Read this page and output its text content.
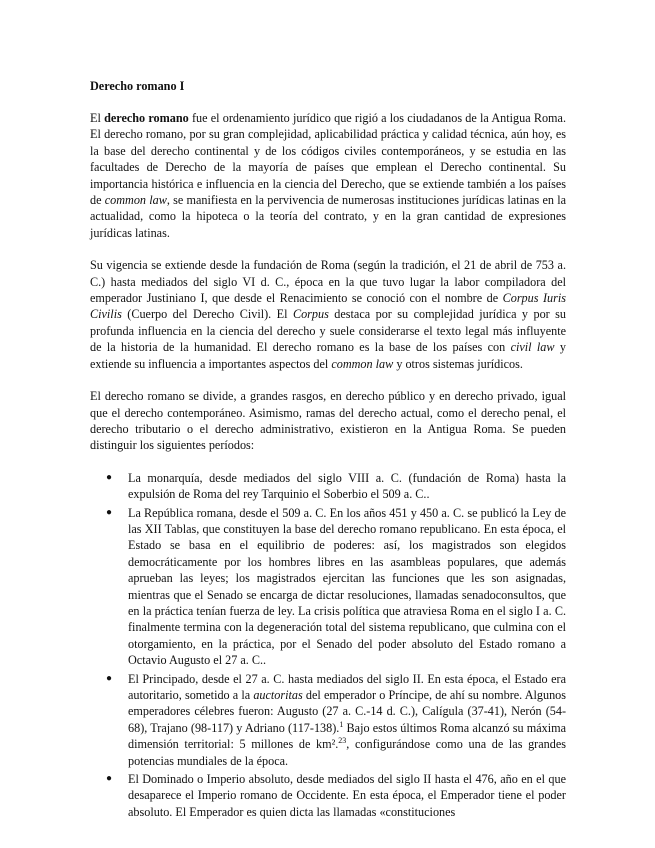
Derecho romano I

El derecho romano fue el ordenamiento jurídico que rigió a los ciudadanos de la Antigua Roma. El derecho romano, por su gran complejidad, aplicabilidad práctica y calidad técnica, aún hoy, es la base del derecho continental y de los códigos civiles contemporáneos, y se estudia en las facultades de Derecho de la mayoría de países que emplean el Derecho continental. Su importancia histórica e influencia en la ciencia del Derecho, que se extiende también a los países de common law, se manifiesta en la pervivencia de numerosas instituciones jurídicas latinas en la actualidad, como la hipoteca o la teoría del contrato, y en la gran cantidad de expresiones jurídicas latinas.

Su vigencia se extiende desde la fundación de Roma (según la tradición, el 21 de abril de 753 a. C.) hasta mediados del siglo VI d. C., época en la que tuvo lugar la labor compiladora del emperador Justiniano I, que desde el Renacimiento se conoció con el nombre de Corpus Iuris Civilis (Cuerpo del Derecho Civil). El Corpus destaca por su complejidad jurídica y por su profunda influencia en la ciencia del derecho y suele considerarse el texto legal más influyente de la historia de la humanidad. El derecho romano es la base de los países con civil law y extiende su influencia a importantes aspectos del common law y otros sistemas jurídicos.

El derecho romano se divide, a grandes rasgos, en derecho público y en derecho privado, igual que el derecho contemporáneo. Asimismo, ramas del derecho actual, como el derecho penal, el derecho tributario o el derecho administrativo, existieron en la Antigua Roma. Se pueden distinguir los siguientes períodos:

● La monarquía, desde mediados del siglo VIII a. C. (fundación de Roma) hasta la expulsión de Roma del rey Tarquinio el Soberbio el 509 a. C..
● La República romana, desde el 509 a. C. En los años 451 y 450 a. C. se publicó la Ley de las XII Tablas, que constituyen la base del derecho romano republicano. En esta época, el Estado se basa en el equilibrio de poderes: así, los magistrados son elegidos democráticamente por los hombres libres en las asambleas populares, que además aprueban las leyes; los magistrados ejercitan las funciones que les son asignadas, mientras que el Senado se encarga de dictar resoluciones, llamadas senadoconsultos, que en la práctica tenían fuerza de ley. La crisis política que atraviesa Roma en el siglo I a. C. finalmente termina con la degeneración total del sistema republicano, que culmina con el otorgamiento, en la práctica, por el Senado del poder absoluto del Estado romano a Octavio Augusto el 27 a. C..
● El Principado, desde el 27 a. C. hasta mediados del siglo II. En esta época, el Estado era autoritario, sometido a la auctoritas del emperador o Príncipe, de ahí su nombre. Algunos emperadores célebres fueron: Augusto (27 a. C.-14 d. C.), Calígula (37-41), Nerón (54-68), Trajano (98-117) y Adriano (117-138).$^1$ Bajo estos últimos Roma alcanzó su máxima dimensión territorial: 5 millones de km².$^{23}$, configurándose como una de las grandes potencias mundiales de la época.
● El Dominado o Imperio absoluto, desde mediados del siglo II hasta el 476, año en el que desaparece el Imperio romano de Occidente. En esta época, el Emperador tiene el poder absoluto. El Emperador es quien dicta las llamadas «constituciones
